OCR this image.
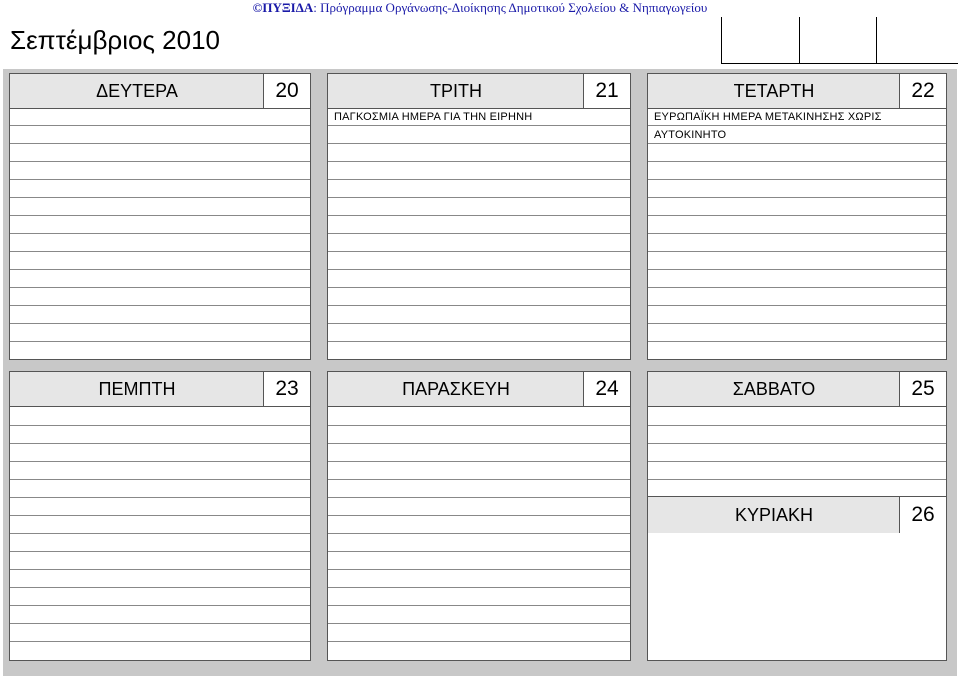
©ΠΥΞΙΔΑ: Πρόγραμμα Οργάνωσης-Διοίκησης Δημοτικού Σχολείου & Νηπιαγωγείου
Σεπτέμβριος 2010
ΔΕΥΤΕΡΑ	20	ΤΡΙΤΗ	21
ΠΑΓΚΟΣΜΙΑ ΗΜΕΡΑ ΓΙΑ ΤΗΝ ΕΙΡΗΝΗ
ΤΕΤΑΡΤΗ	22
ΕΥΡΩΠΑΪΚΗ ΗΜΕΡΑ ΜΕΤΑΚΙΝΗΣΗΣ ΧΩΡΙΣ
ΑΥΤΟΚΙΝΗΤΟ
ΠΕΜΠΤΗ	23	ΠΑΡΑΣΚΕΥΗ	24	ΣΑΒΒΑΤΟ	25
ΚΥΡΙΑΚΗ	26
